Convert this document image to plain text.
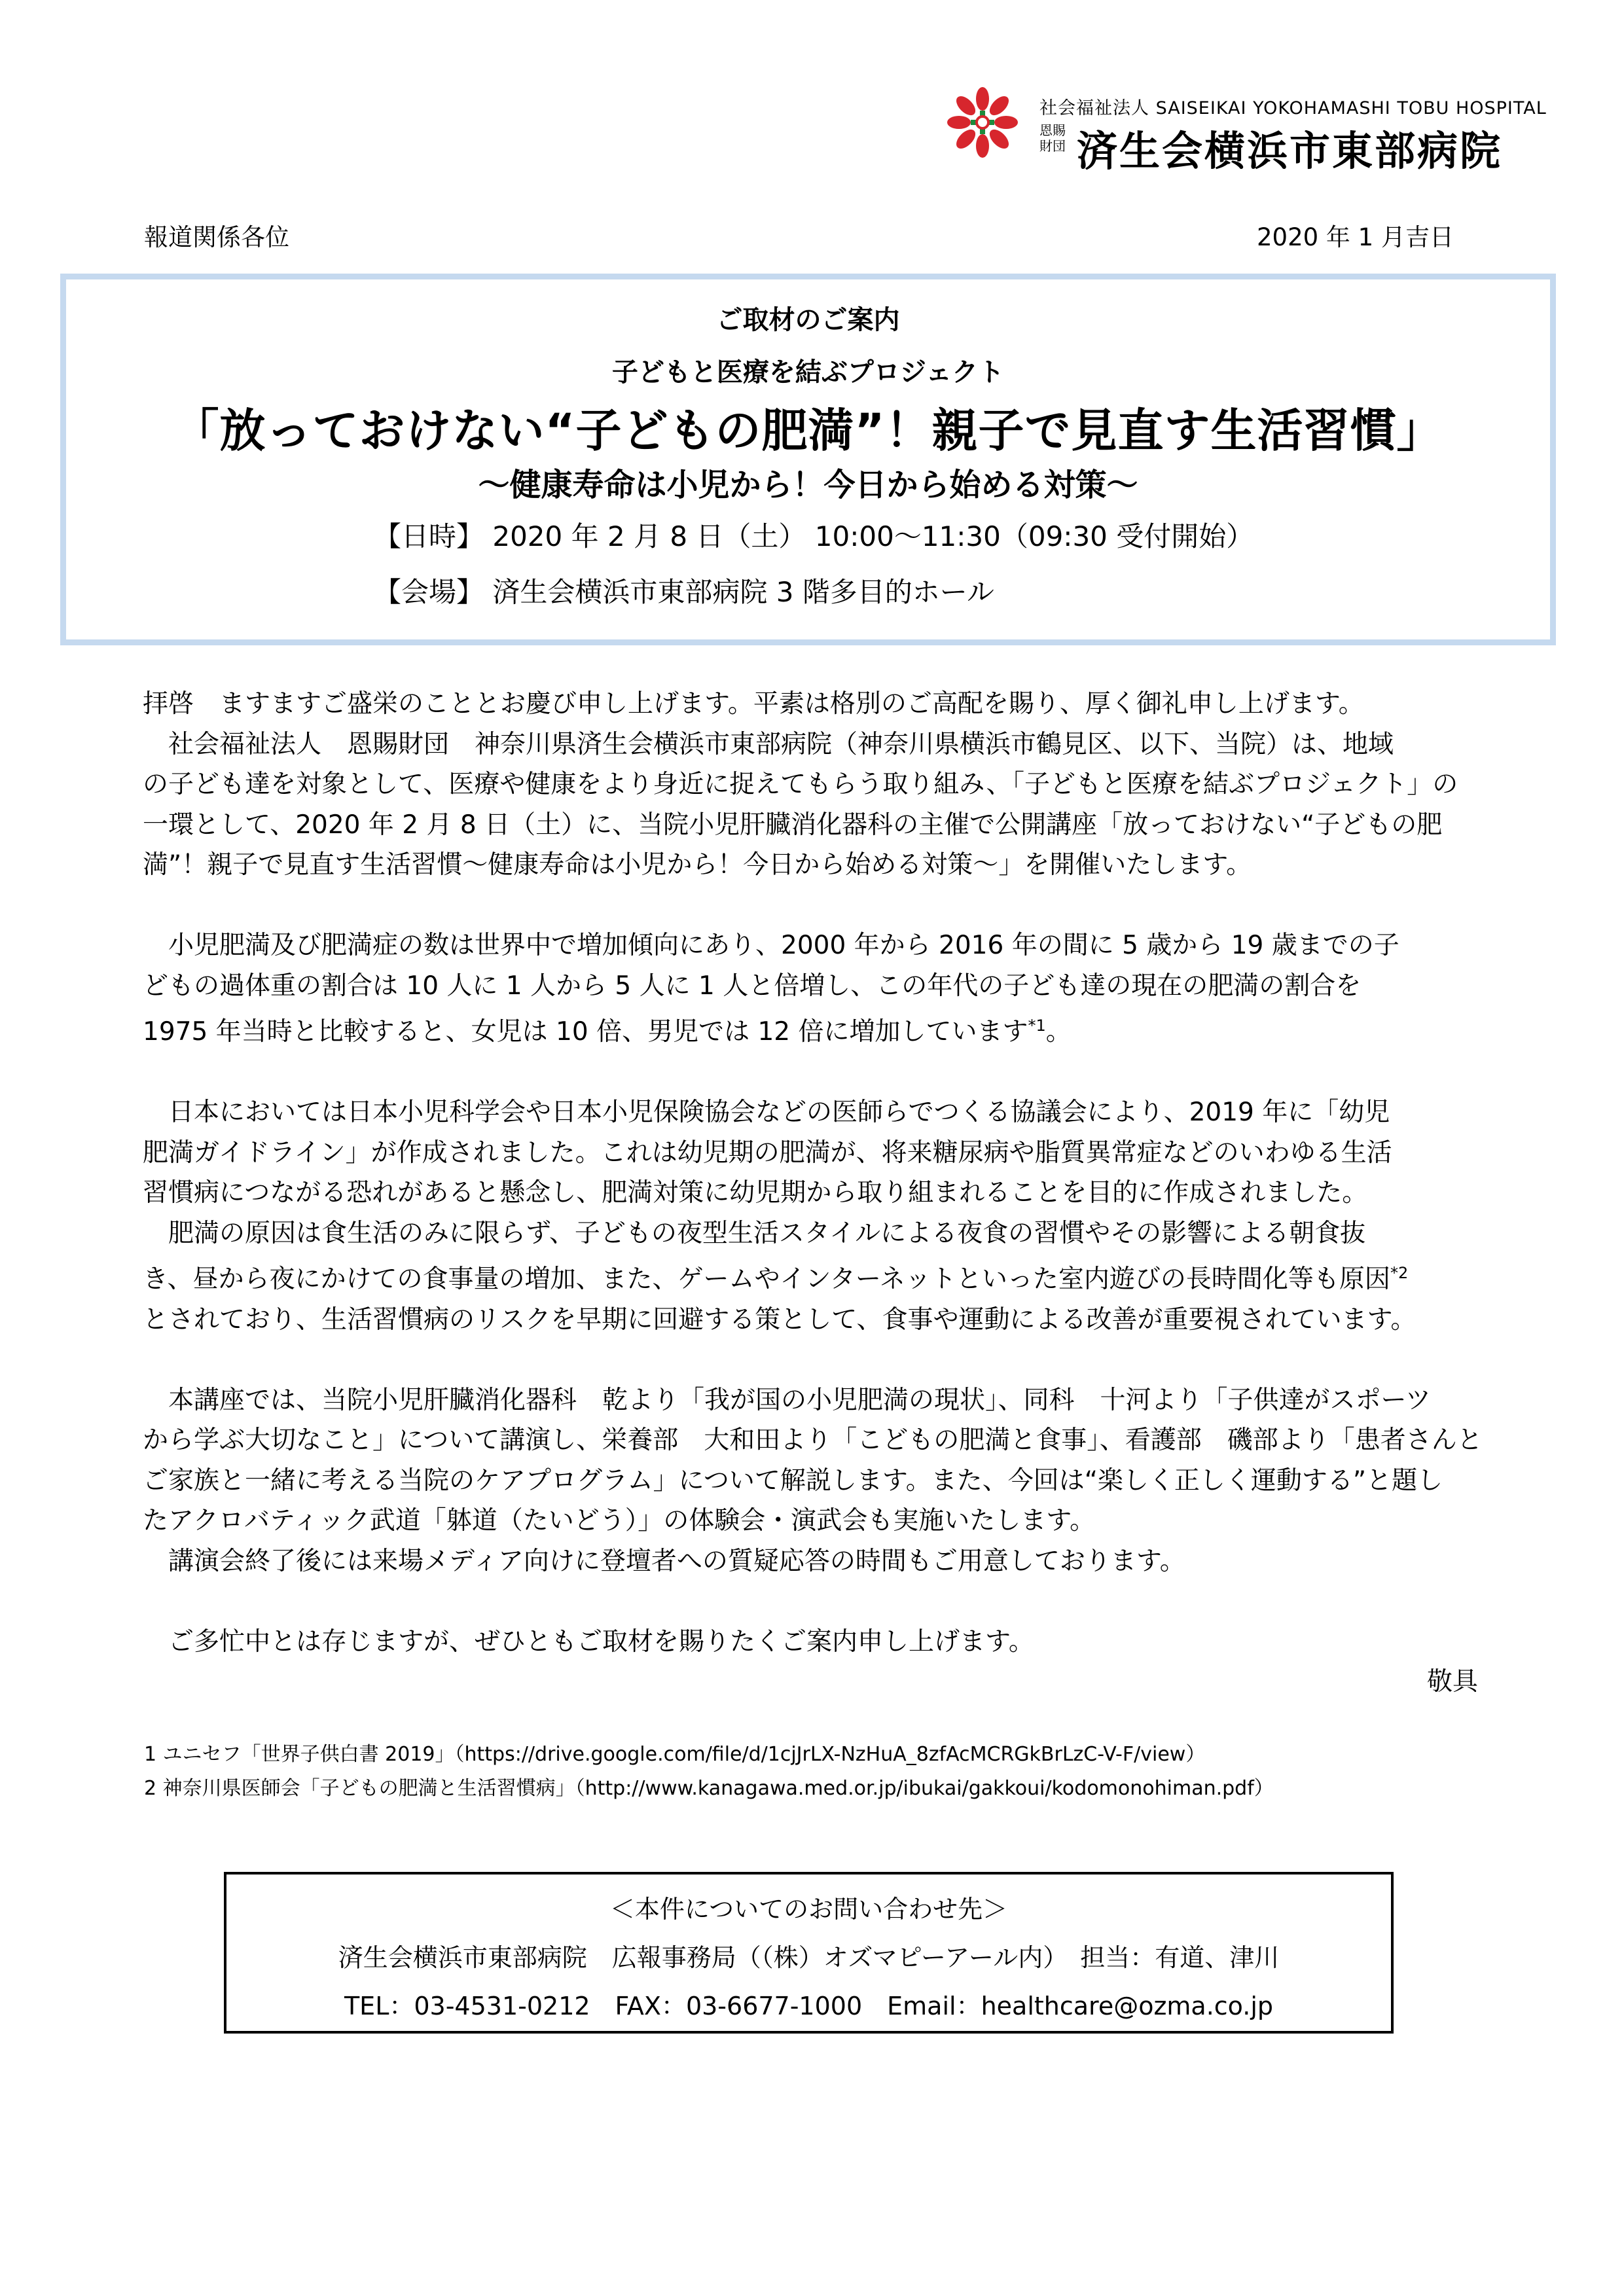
社会福祉法人 SAISEIKAI YOKOHAMASHI TOBU HOSPITAL
恩賜
財団 済生会横浜市東部病院
報道関係各位	2020 年 1 月吉日
ご取材のご案内
子どもと医療を結ぶプロジェクト
「放っておけない“子どもの肥満”！親子で見直す生活習慣」
～健康寿命は小児から！今日から始める対策～
【日時】 2020 年 2 月 8 日（土） 10:00～11:30（09:30 受付開始）
【会場】 済生会横浜市東部病院 3 階多目的ホール

拝啓　ますますご盛栄のこととお慶び申し上げます。平素は格別のご高配を賜り、厚く御礼申し上げます。

　社会福祉法人　恩賜財団　神奈川県済生会横浜市東部病院（神奈川県横浜市鶴見区、以下、当院）は、地域

の子ども達を対象として、医療や健康をより身近に捉えてもらう取り組み、「子どもと医療を結ぶプロジェクト」の

一環として、2020 年 2 月 8 日（土）に、当院小児肝臓消化器科の主催で公開講座「放っておけない“子どもの肥

満”！親子で見直す生活習慣～健康寿命は小児から！今日から始める対策～」を開催いたします。

　小児肥満及び肥満症の数は世界中で増加傾向にあり、2000 年から 2016 年の間に 5 歳から 19 歳までの子

どもの過体重の割合は 10 人に 1 人から 5 人に 1 人と倍増し、この年代の子ども達の現在の肥満の割合を

1975 年当時と比較すると、女児は 10 倍、男児では 12 倍に増加しています$^{*1}$。

　日本においては日本小児科学会や日本小児保険協会などの医師らでつくる協議会により、2019 年に「幼児

肥満ガイドライン」が作成されました。これは幼児期の肥満が、将来糖尿病や脂質異常症などのいわゆる生活

習慣病につながる恐れがあると懸念し、肥満対策に幼児期から取り組まれることを目的に作成されました。

　肥満の原因は食生活のみに限らず、子どもの夜型生活スタイルによる夜食の習慣やその影響による朝食抜

き、昼から夜にかけての食事量の増加、また、ゲームやインターネットといった室内遊びの長時間化等も原因$^{*2}$

とされており、生活習慣病のリスクを早期に回避する策として、食事や運動による改善が重要視されています。

　本講座では、当院小児肝臓消化器科　乾より「我が国の小児肥満の現状」、同科　十河より「子供達がスポーツ

から学ぶ大切なこと」について講演し、栄養部　大和田より「こどもの肥満と食事」、看護部　磯部より「患者さんと

ご家族と一緒に考える当院のケアプログラム」について解説します。また、今回は“楽しく正しく運動する”と題し

たアクロバティック武道「躰道（たいどう）」の体験会・演武会も実施いたします。

　講演会終了後には来場メディア向けに登壇者への質疑応答の時間もご用意しております。

　ご多忙中とは存じますが、ぜひともご取材を賜りたくご案内申し上げます。

敬具

1 ユニセフ「世界子供白書 2019」（https://drive.google.com/file/d/1cjJrLX-NzHuA_8zfAcMCRGkBrLzC-V-F/view）

2 神奈川県医師会「子どもの肥満と生活習慣病」（http://www.kanagawa.med.or.jp/ibukai/gakkoui/kodomonohiman.pdf）

＜本件についてのお問い合わせ先＞
済生会横浜市東部病院　広報事務局（（株）オズマピーアール内）　担当：有道、津川
TEL：03-4531-0212　FAX：03-6677-1000　Email：healthcare@ozma.co.jp
